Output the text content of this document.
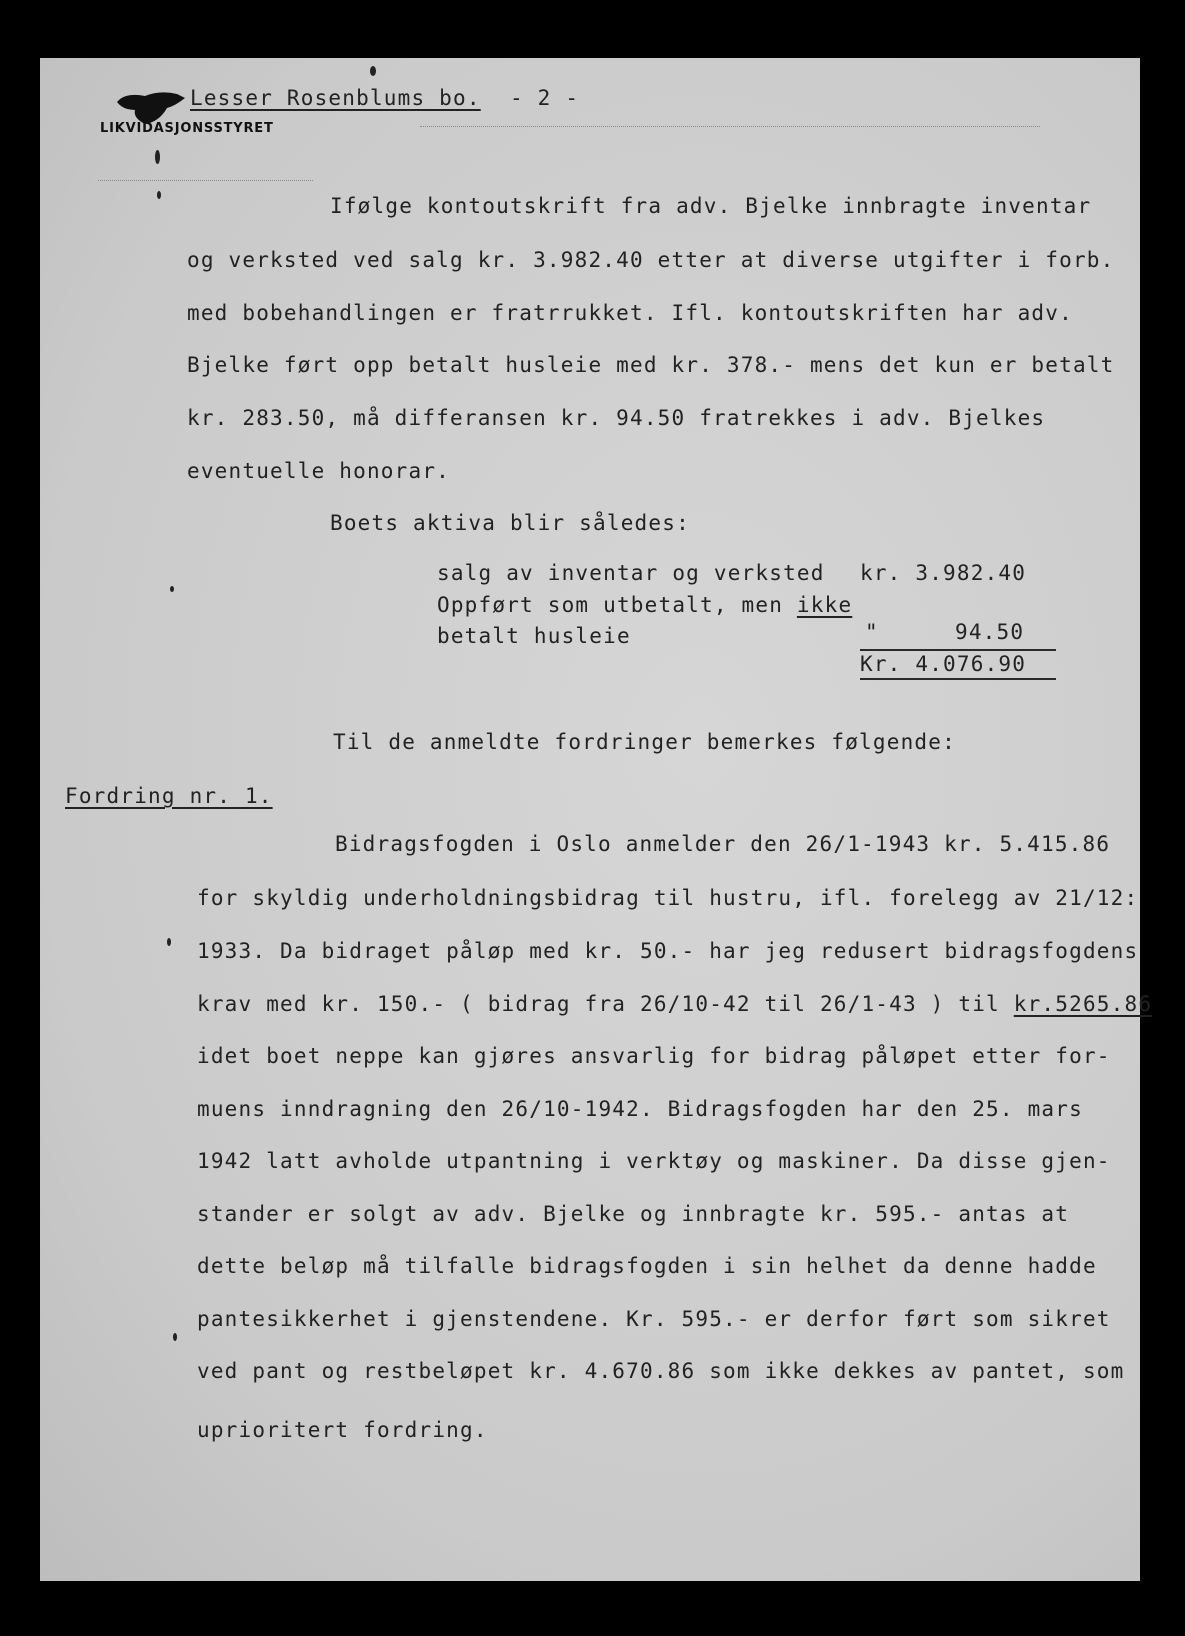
LIKVIDASJONSSTYRET
Lesser Rosenblums bo. - 2 -
Ifølge kontoutskrift fra adv. Bjelke innbragte inventar
og verksted ved salg kr. 3.982.40 etter at diverse utgifter i forb.
med bobehandlingen er fratrrukket. Ifl. kontoutskriften har adv.
Bjelke ført opp betalt husleie med kr. 378.- mens det kun er betalt
kr. 283.50, må differansen kr. 94.50 fratrekkes i adv. Bjelkes
eventuelle honorar.
Boets aktiva blir således:
salg av inventar og verksted kr. 3.982.40
Oppført som utbetalt, men ikke
betalt husleie	"	94.50
Kr. 4.076.90
Til de anmeldte fordringer bemerkes følgende:
Fordring nr. 1.
Bidragsfogden i Oslo anmelder den 26/1-1943 kr. 5.415.86
for skyldig underholdningsbidrag til hustru, ifl. forelegg av 21/12:
1933. Da bidraget påløp med kr. 50.- har jeg redusert bidragsfogdens
krav med kr. 150.- ( bidrag fra 26/10-42 til 26/1-43 ) til kr.5265.86
idet boet neppe kan gjøres ansvarlig for bidrag påløpet etter for-
muens inndragning den 26/10-1942. Bidragsfogden har den 25. mars
1942 latt avholde utpantning i verktøy og maskiner. Da disse gjen-
stander er solgt av adv. Bjelke og innbragte kr. 595.- antas at
dette beløp må tilfalle bidragsfogden i sin helhet da denne hadde
pantesikkerhet i gjenstendene. Kr. 595.- er derfor ført som sikret
ved pant og restbeløpet kr. 4.670.86 som ikke dekkes av pantet, som
uprioritert fordring.
